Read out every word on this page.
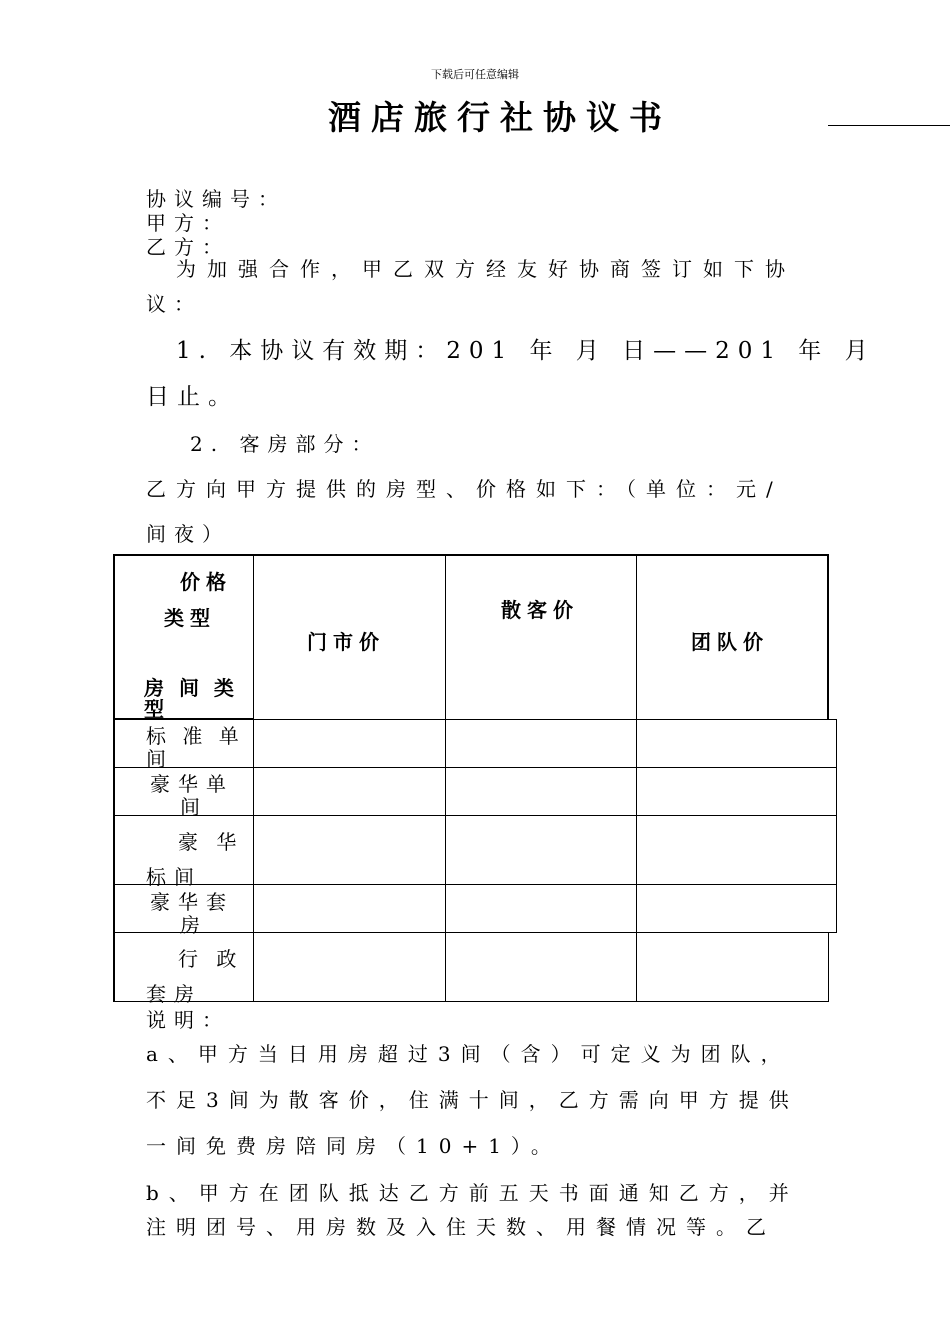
下载后可任意编辑
酒店旅行社协议书
协议编号：
甲方：
乙方：
为加强合作，甲乙双方经友好协商签订如下协
议：
1. 本协议有效期：201 年 月 日——201 年 月
日止。
2. 客房部分：
乙方向甲方提供的房型、价格如下：（单位：元/
间夜）
价格
类型
房 间 类
型
门市价
散客价
团队价
标 准 单
间
豪华单
间
豪 华
标间
豪华套
房
行 政
套房
说明：
a、甲方当日用房超过3间（含）可定义为团队，
不足3间为散客价，住满十间，乙方需向甲方提供
一间免费房陪同房（10+1）。
b、甲方在团队抵达乙方前五天书面通知乙方，并
注明团号、用房数及入住天数、用餐情况等。乙
